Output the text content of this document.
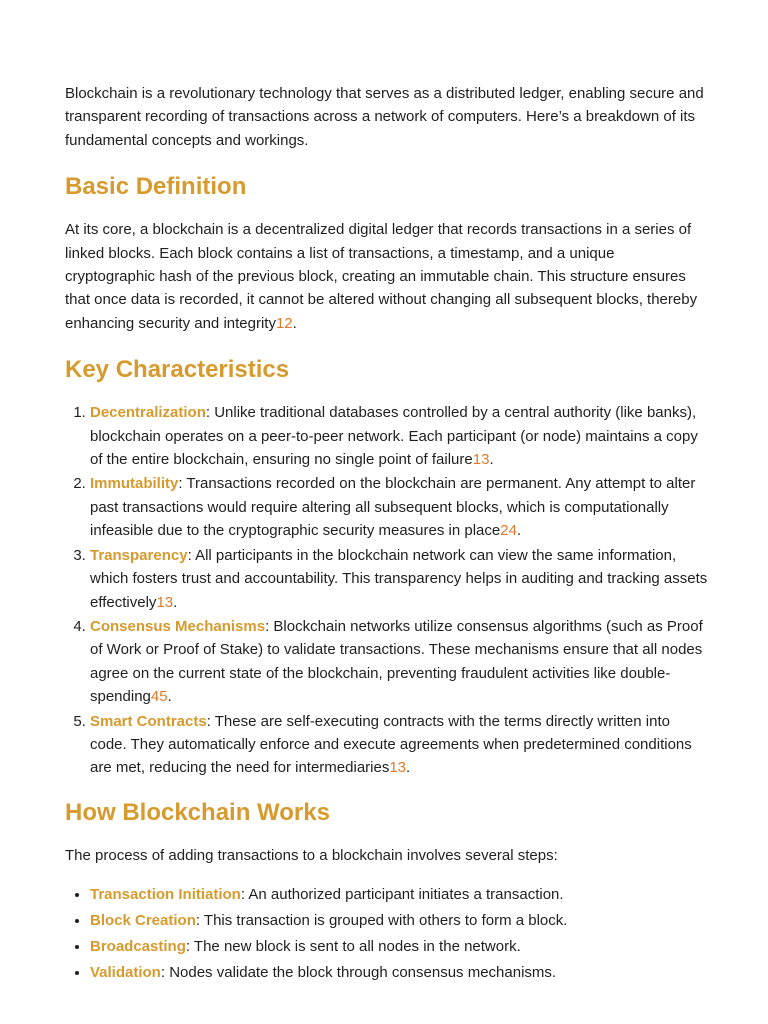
Blockchain is a revolutionary technology that serves as a distributed ledger, enabling secure and transparent recording of transactions across a network of computers. Here’s a breakdown of its fundamental concepts and workings.

Basic Definition

At its core, a blockchain is a decentralized digital ledger that records transactions in a series of linked blocks. Each block contains a list of transactions, a timestamp, and a unique cryptographic hash of the previous block, creating an immutable chain. This structure ensures that once data is recorded, it cannot be altered without changing all subsequent blocks, thereby enhancing security and integrity12.

Key Characteristics
1. Decentralization: Unlike traditional databases controlled by a central authority (like banks), blockchain operates on a peer-to-peer network. Each participant (or node) maintains a copy of the entire blockchain, ensuring no single point of failure13.
2. Immutability: Transactions recorded on the blockchain are permanent. Any attempt to alter past transactions would require altering all subsequent blocks, which is computationally infeasible due to the cryptographic security measures in place24.
3. Transparency: All participants in the blockchain network can view the same information, which fosters trust and accountability. This transparency helps in auditing and tracking assets effectively13.
4. Consensus Mechanisms: Blockchain networks utilize consensus algorithms (such as Proof of Work or Proof of Stake) to validate transactions. These mechanisms ensure that all nodes agree on the current state of the blockchain, preventing fraudulent activities like double-spending45.
5. Smart Contracts: These are self-executing contracts with the terms directly written into code. They automatically enforce and execute agreements when predetermined conditions are met, reducing the need for intermediaries13.
How Blockchain Works

The process of adding transactions to a blockchain involves several steps:

• Transaction Initiation: An authorized participant initiates a transaction.
• Block Creation: This transaction is grouped with others to form a block.
• Broadcasting: The new block is sent to all nodes in the network.
• Validation: Nodes validate the block through consensus mechanisms.
